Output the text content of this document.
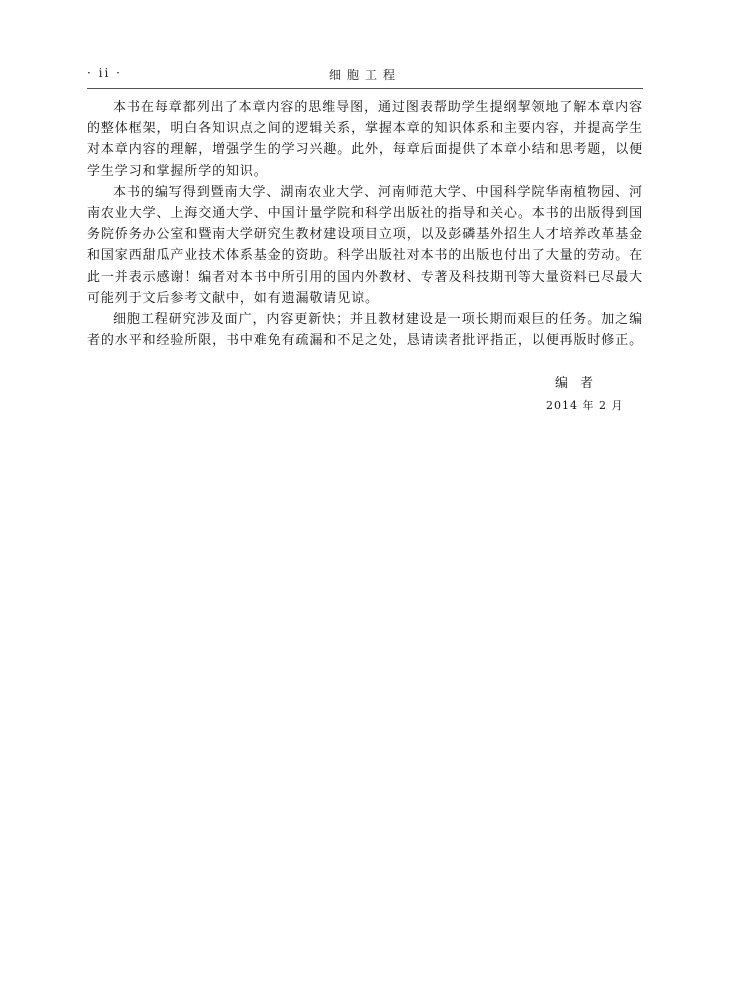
· ii ·	细胞工程

本书在每章都列出了本章内容的思维导图，通过图表帮助学生提纲挈领地了解本章内容的整体框架，明白各知识点之间的逻辑关系，掌握本章的知识体系和主要内容，并提高学生对本章内容的理解，增强学生的学习兴趣。此外，每章后面提供了本章小结和思考题，以便学生学习和掌握所学的知识。

本书的编写得到暨南大学、湖南农业大学、河南师范大学、中国科学院华南植物园、河南农业大学、上海交通大学、中国计量学院和科学出版社的指导和关心。本书的出版得到国务院侨务办公室和暨南大学研究生教材建设项目立项，以及彭磷基外招生人才培养改革基金和国家西甜瓜产业技术体系基金的资助。科学出版社对本书的出版也付出了大量的劳动。在此一并表示感谢！编者对本书中所引用的国内外教材、专著及科技期刊等大量资料已尽最大可能列于文后参考文献中，如有遗漏敬请见谅。

细胞工程研究涉及面广，内容更新快；并且教材建设是一项长期而艰巨的任务。加之编者的水平和经验所限，书中难免有疏漏和不足之处，恳请读者批评指正，以便再版时修正。

编者
2014 年 2 月
